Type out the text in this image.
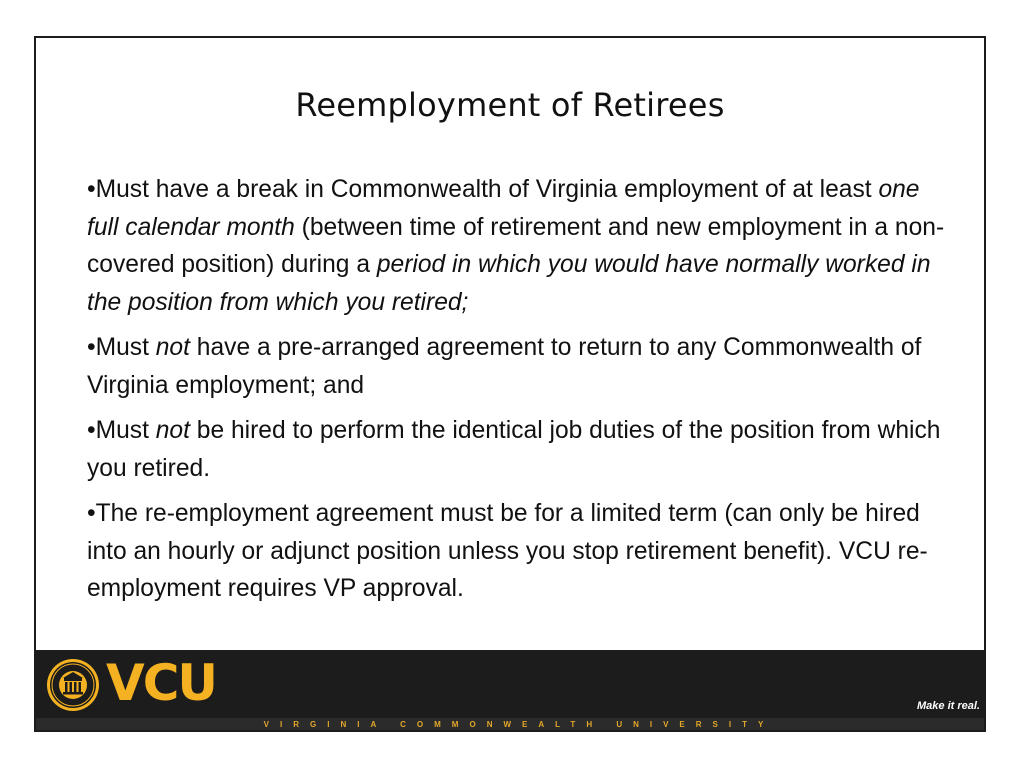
Reemployment of Retirees
•Must have a break in Commonwealth of Virginia employment of at least one full calendar month (between time of retirement and new employment in a non-covered position) during a period in which you would have normally worked in the position from which you retired;
•Must not have a pre-arranged agreement to return to any Commonwealth of Virginia employment; and
•Must not be hired to perform the identical job duties of the position from which you retired.
•The re-employment agreement must be for a limited term (can only be hired into an hourly or adjunct position unless you stop retirement benefit). VCU re-employment requires VP approval.
VCU	Make it real.
VIRGINIA COMMONWEALTH UNIVERSITY
